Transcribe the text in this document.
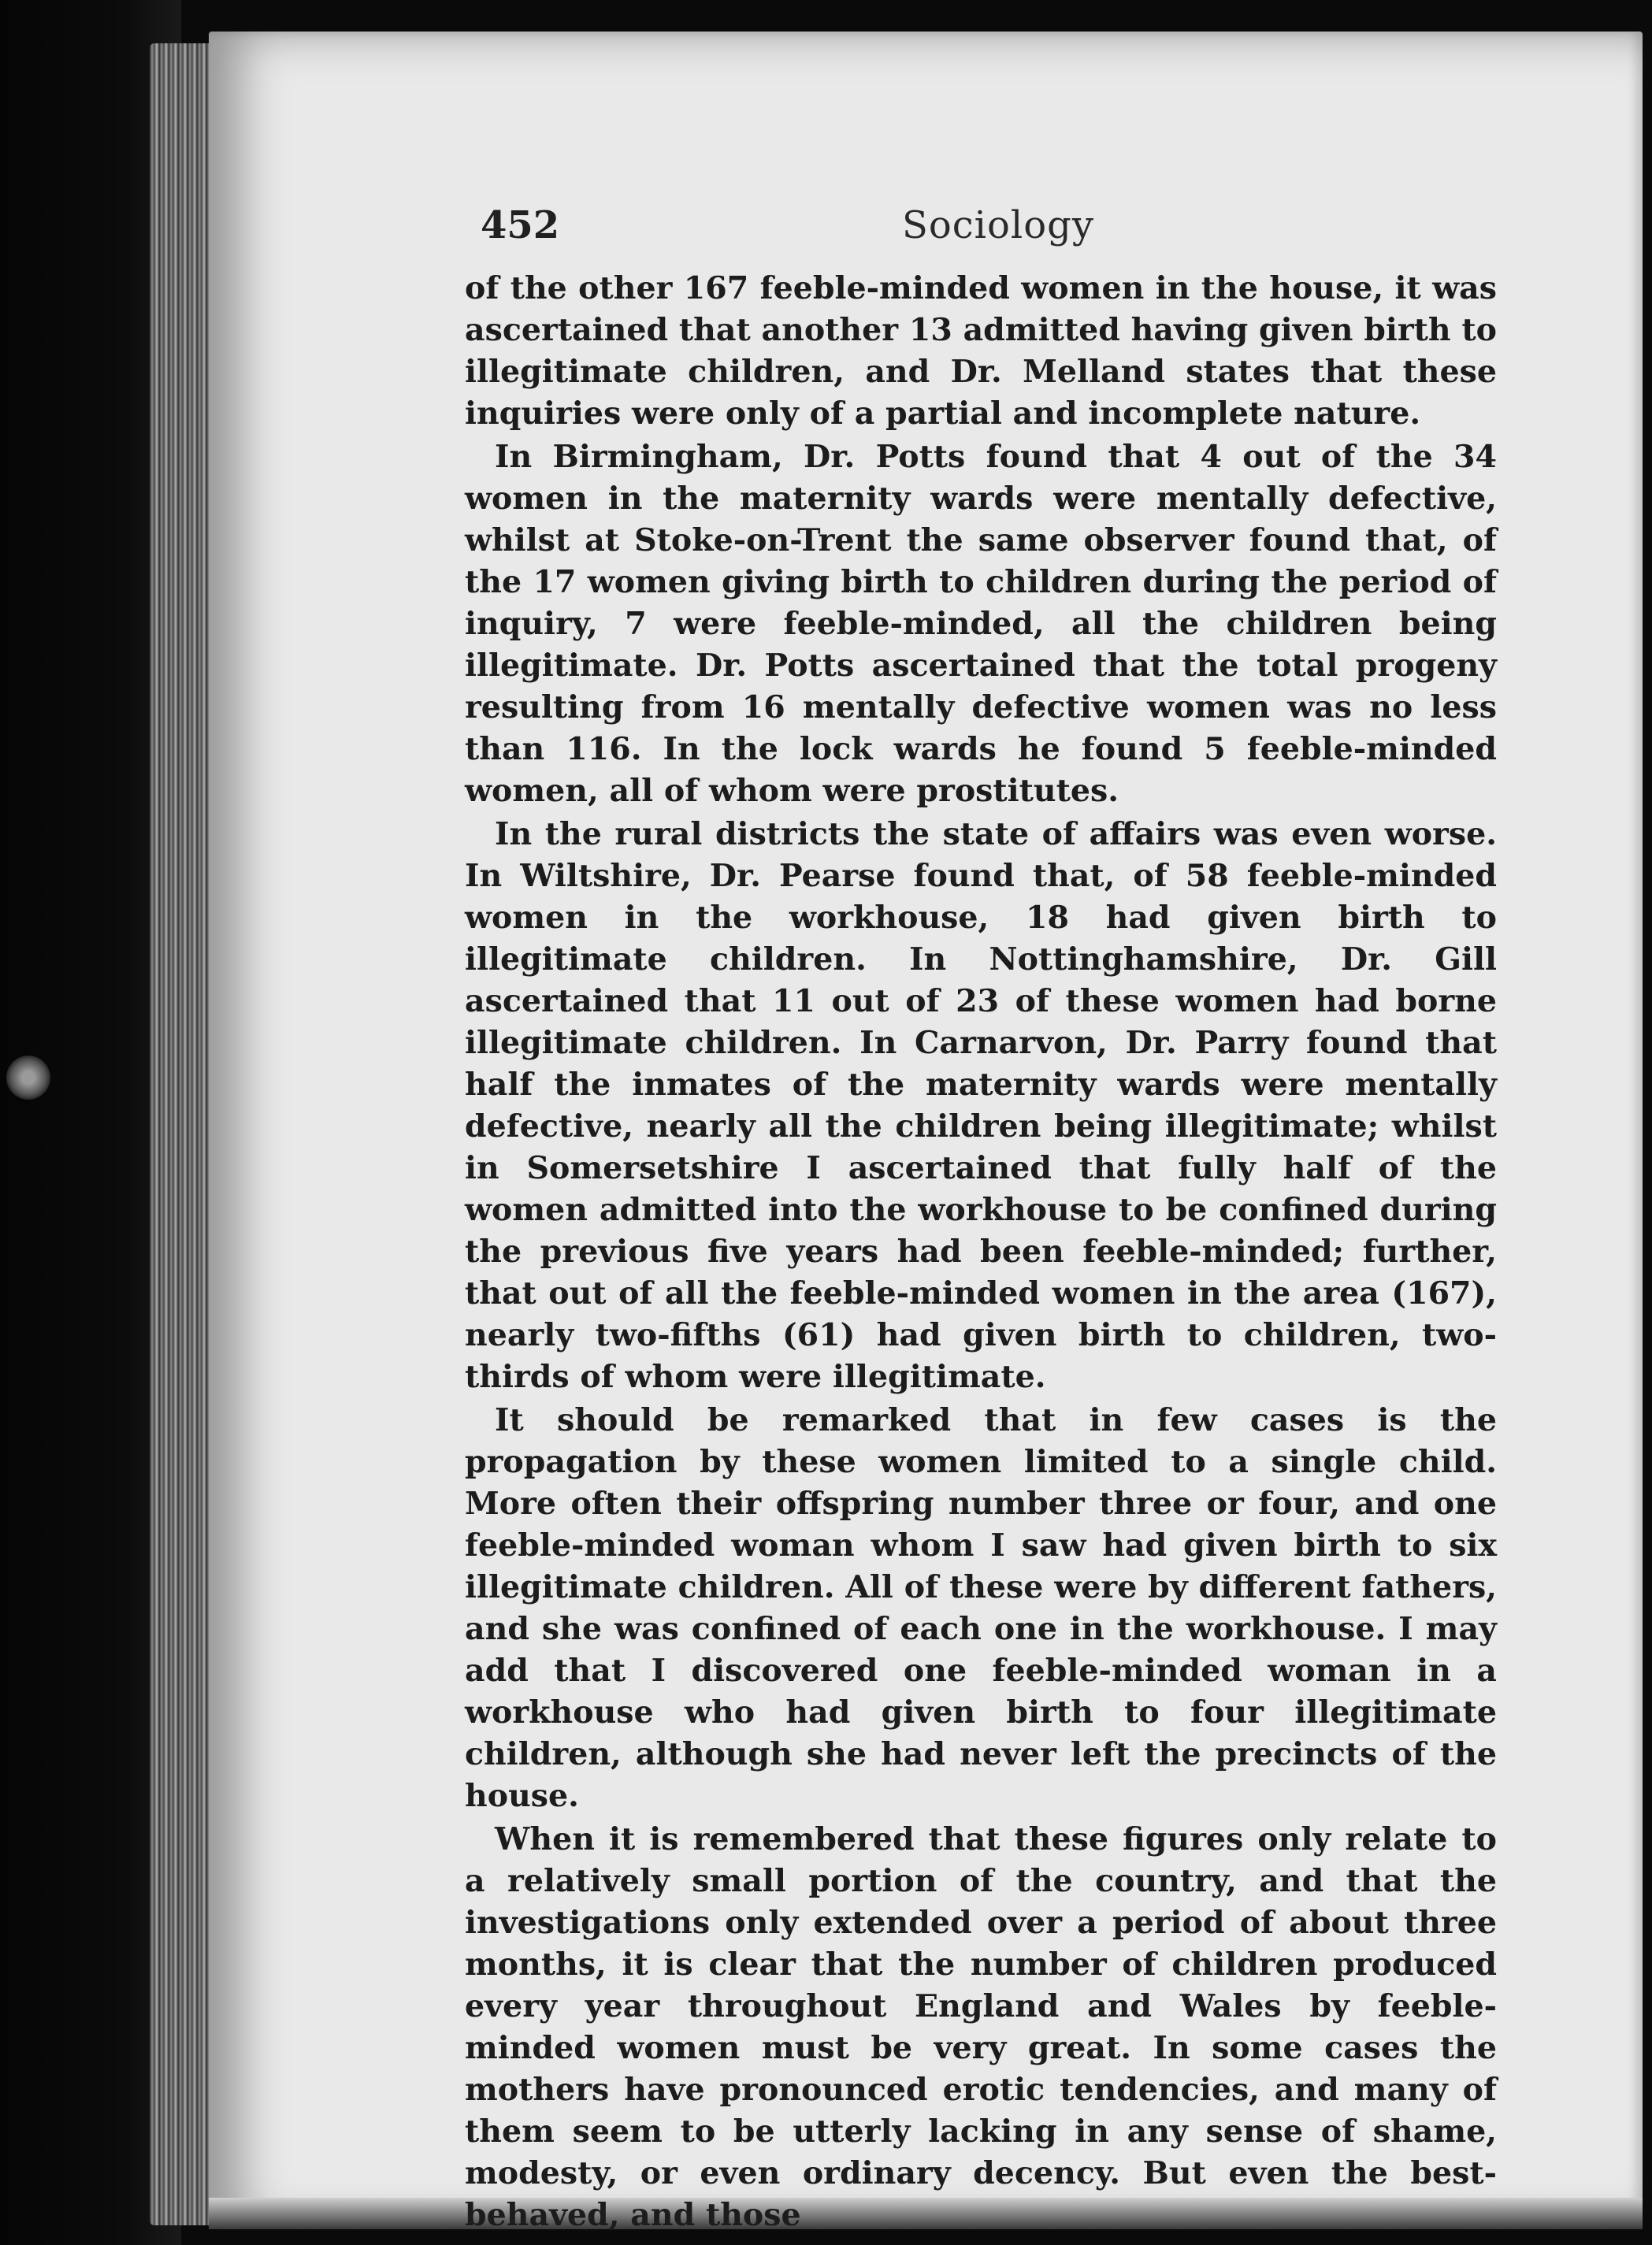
452	Sociology

of the other 167 feeble-minded women in the house, it was ascertained that another 13 admitted having given birth to illegitimate children, and Dr. Melland states that these inquiries were only of a partial and incomplete nature.

In Birmingham, Dr. Potts found that 4 out of the 34 women in the maternity wards were mentally defective, whilst at Stoke-on-Trent the same observer found that, of the 17 women giving birth to children during the period of inquiry, 7 were feeble-minded, all the children being illegitimate. Dr. Potts ascertained that the total progeny resulting from 16 mentally defective women was no less than 116. In the lock wards he found 5 feeble-minded women, all of whom were prostitutes.

In the rural districts the state of affairs was even worse. In Wiltshire, Dr. Pearse found that, of 58 feeble-minded women in the workhouse, 18 had given birth to illegitimate children. In Nottinghamshire, Dr. Gill ascertained that 11 out of 23 of these women had borne illegitimate children. In Carnarvon, Dr. Parry found that half the inmates of the maternity wards were mentally defective, nearly all the children being illegitimate; whilst in Somersetshire I ascertained that fully half of the women admitted into the workhouse to be confined during the previous five years had been feeble-minded; further, that out of all the feeble-minded women in the area (167), nearly two-fifths (61) had given birth to children, two-thirds of whom were illegitimate.

It should be remarked that in few cases is the propagation by these women limited to a single child. More often their offspring number three or four, and one feeble-minded woman whom I saw had given birth to six illegitimate children. All of these were by different fathers, and she was confined of each one in the workhouse. I may add that I discovered one feeble-minded woman in a workhouse who had given birth to four illegitimate children, although she had never left the precincts of the house.

When it is remembered that these figures only relate to a relatively small portion of the country, and that the investigations only extended over a period of about three months, it is clear that the number of children produced every year throughout England and Wales by feeble-minded women must be very great. In some cases the mothers have pronounced erotic tendencies, and many of them seem to be utterly lacking in any sense of shame, modesty, or even ordinary decency. But even the best-behaved, and those
